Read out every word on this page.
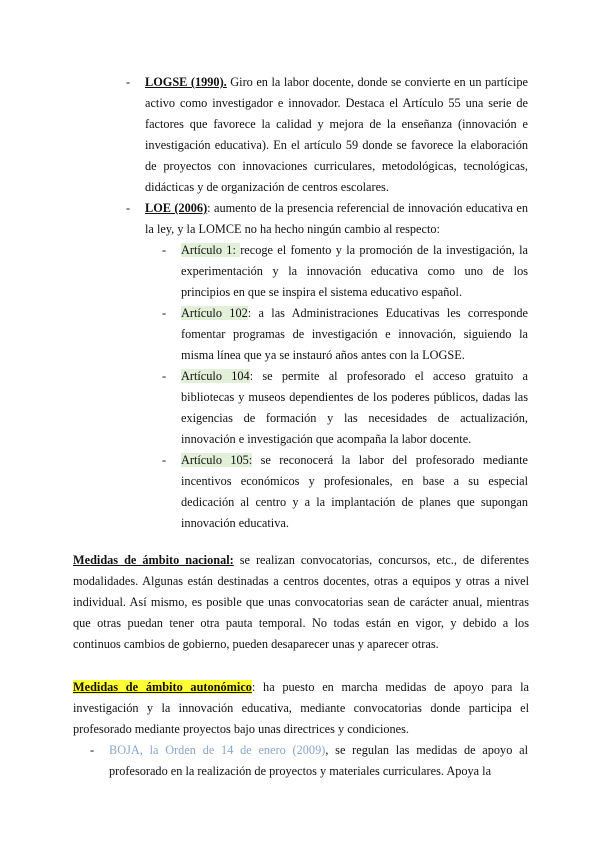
- LOGSE (1990). Giro en la labor docente, donde se convierte en un partícipe activo como investigador e innovador. Destaca el Artículo 55 una serie de factores que favorece la calidad y mejora de la enseñanza (innovación e investigación educativa). En el artículo 59 donde se favorece la elaboración de proyectos con innovaciones curriculares, metodológicas, tecnológicas, didácticas y de organización de centros escolares.
- LOE (2006): aumento de la presencia referencial de innovación educativa en la ley, y la LOMCE no ha hecho ningún cambio al respecto:
- Artículo 1: recoge el fomento y la promoción de la investigación, la experimentación y la innovación educativa como uno de los principios en que se inspira el sistema educativo español.
- Artículo 102: a las Administraciones Educativas les corresponde fomentar programas de investigación e innovación, siguiendo la misma línea que ya se instauró años antes con la LOGSE.
- Artículo 104: se permite al profesorado el acceso gratuito a bibliotecas y museos dependientes de los poderes públicos, dadas las exigencias de formación y las necesidades de actualización, innovación e investigación que acompaña la labor docente.
- Artículo 105: se reconocerá la labor del profesorado mediante incentivos económicos y profesionales, en base a su especial dedicación al centro y a la implantación de planes que supongan innovación educativa.
Medidas de ámbito nacional: se realizan convocatorias, concursos, etc., de diferentes modalidades. Algunas están destinadas a centros docentes, otras a equipos y otras a nivel individual. Así mismo, es posible que unas convocatorias sean de carácter anual, mientras que otras puedan tener otra pauta temporal. No todas están en vigor, y debido a los continuos cambios de gobierno, pueden desaparecer unas y aparecer otras.
Medidas de ámbito autonómico: ha puesto en marcha medidas de apoyo para la investigación y la innovación educativa, mediante convocatorias donde participa el profesorado mediante proyectos bajo unas directrices y condiciones.
- BOJA, la Orden de 14 de enero (2009), se regulan las medidas de apoyo al profesorado en la realización de proyectos y materiales curriculares. Apoya la
